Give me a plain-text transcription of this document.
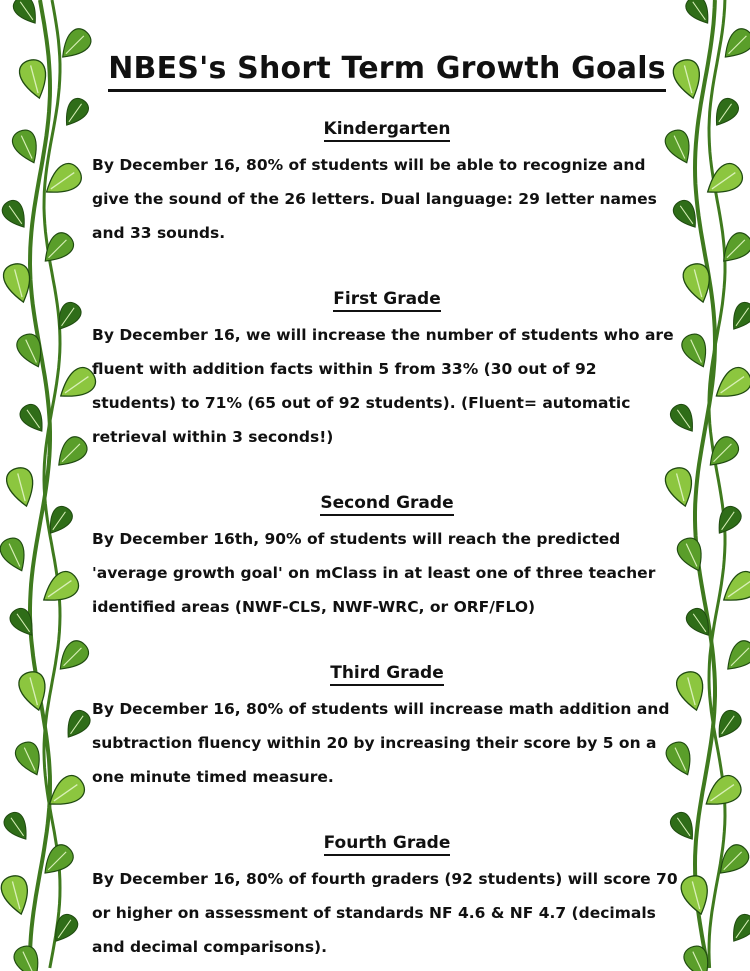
NBES's Short Term Growth Goals
Kindergarten
By December 16, 80% of students will be able to recognize and give the sound of the 26 letters. Dual language: 29 letter names and 33 sounds.
First Grade
By December 16, we will increase the number of students who are fluent with addition facts within 5 from 33% (30 out of 92 students) to 71% (65 out of 92 students). (Fluent= automatic retrieval within 3 seconds!)
Second Grade
By December 16th, 90% of students will reach the predicted 'average growth goal' on mClass in at least one of three teacher identified areas (NWF-CLS, NWF-WRC, or ORF/FLO)
Third Grade
By December 16, 80% of students will increase math addition and subtraction fluency within 20 by increasing their score by 5 on a one minute timed measure.
Fourth Grade
By December 16, 80% of fourth graders (92 students) will score 70 or higher on assessment of standards NF 4.6 & NF 4.7 (decimals and decimal comparisons).
